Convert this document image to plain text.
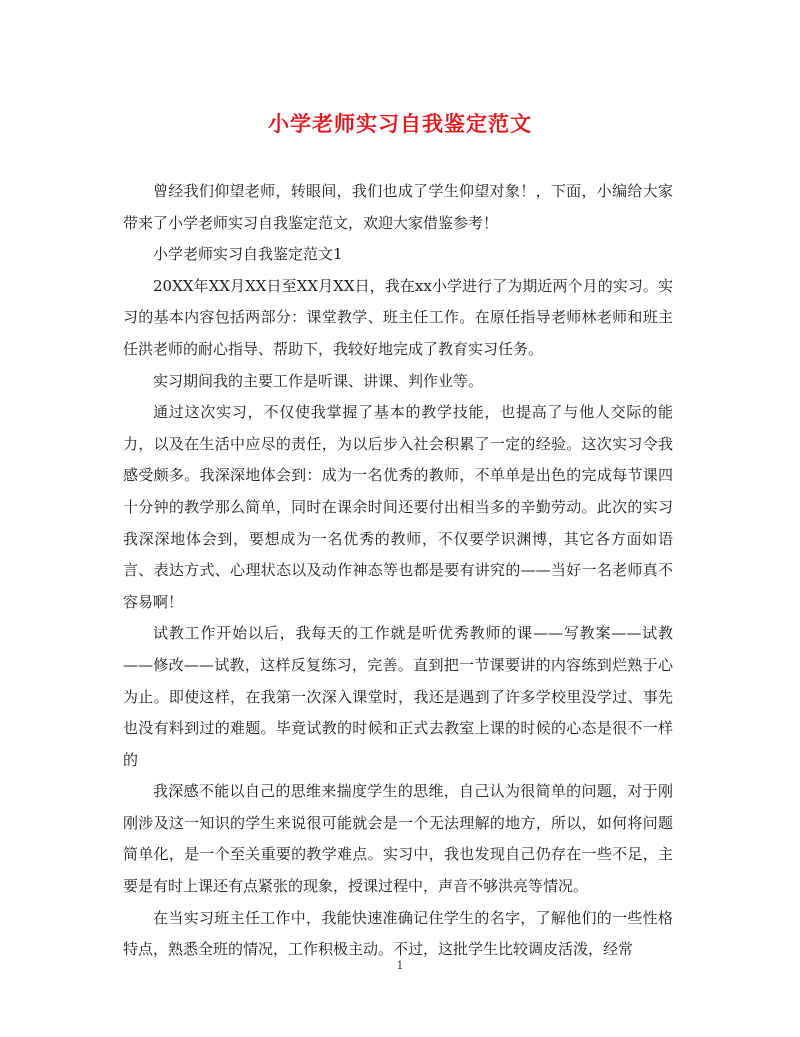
小学老师实习自我鉴定范文

曾经我们仰望老师，转眼间，我们也成了学生仰望对象！，下面，小编给大家带来了小学老师实习自我鉴定范文，欢迎大家借鉴参考！

小学老师实习自我鉴定范文1

20XX年XX月XX日至XX月XX日，我在xx小学进行了为期近两个月的实习。实习的基本内容包括两部分：课堂教学、班主任工作。在原任指导老师林老师和班主任洪老师的耐心指导、帮助下，我较好地完成了教育实习任务。

实习期间我的主要工作是听课、讲课、判作业等。

通过这次实习，不仅使我掌握了基本的教学技能，也提高了与他人交际的能力，以及在生活中应尽的责任，为以后步入社会积累了一定的经验。这次实习令我感受颇多。我深深地体会到：成为一名优秀的教师，不单单是出色的完成每节课四十分钟的教学那么简单，同时在课余时间还要付出相当多的辛勤劳动。此次的实习我深深地体会到，要想成为一名优秀的教师，不仅要学识渊博，其它各方面如语言、表达方式、心理状态以及动作神态等也都是要有讲究的——当好一名老师真不容易啊！

试教工作开始以后，我每天的工作就是听优秀教师的课——写教案——试教——修改——试教，这样反复练习，完善。直到把一节课要讲的内容练到烂熟于心为止。即使这样，在我第一次深入课堂时，我还是遇到了许多学校里没学过、事先也没有料到过的难题。毕竟试教的时候和正式去教室上课的时候的心态是很不一样的

我深感不能以自己的思维来揣度学生的思维，自己认为很简单的问题，对于刚刚涉及这一知识的学生来说很可能就会是一个无法理解的地方，所以，如何将问题简单化，是一个至关重要的教学难点。实习中，我也发现自己仍存在一些不足，主要是有时上课还有点紧张的现象，授课过程中，声音不够洪亮等情况。

在当实习班主任工作中，我能快速准确记住学生的名字，了解他们的一些性格特点，熟悉全班的情况，工作积极主动。不过，这批学生比较调皮活泼，经常

1
